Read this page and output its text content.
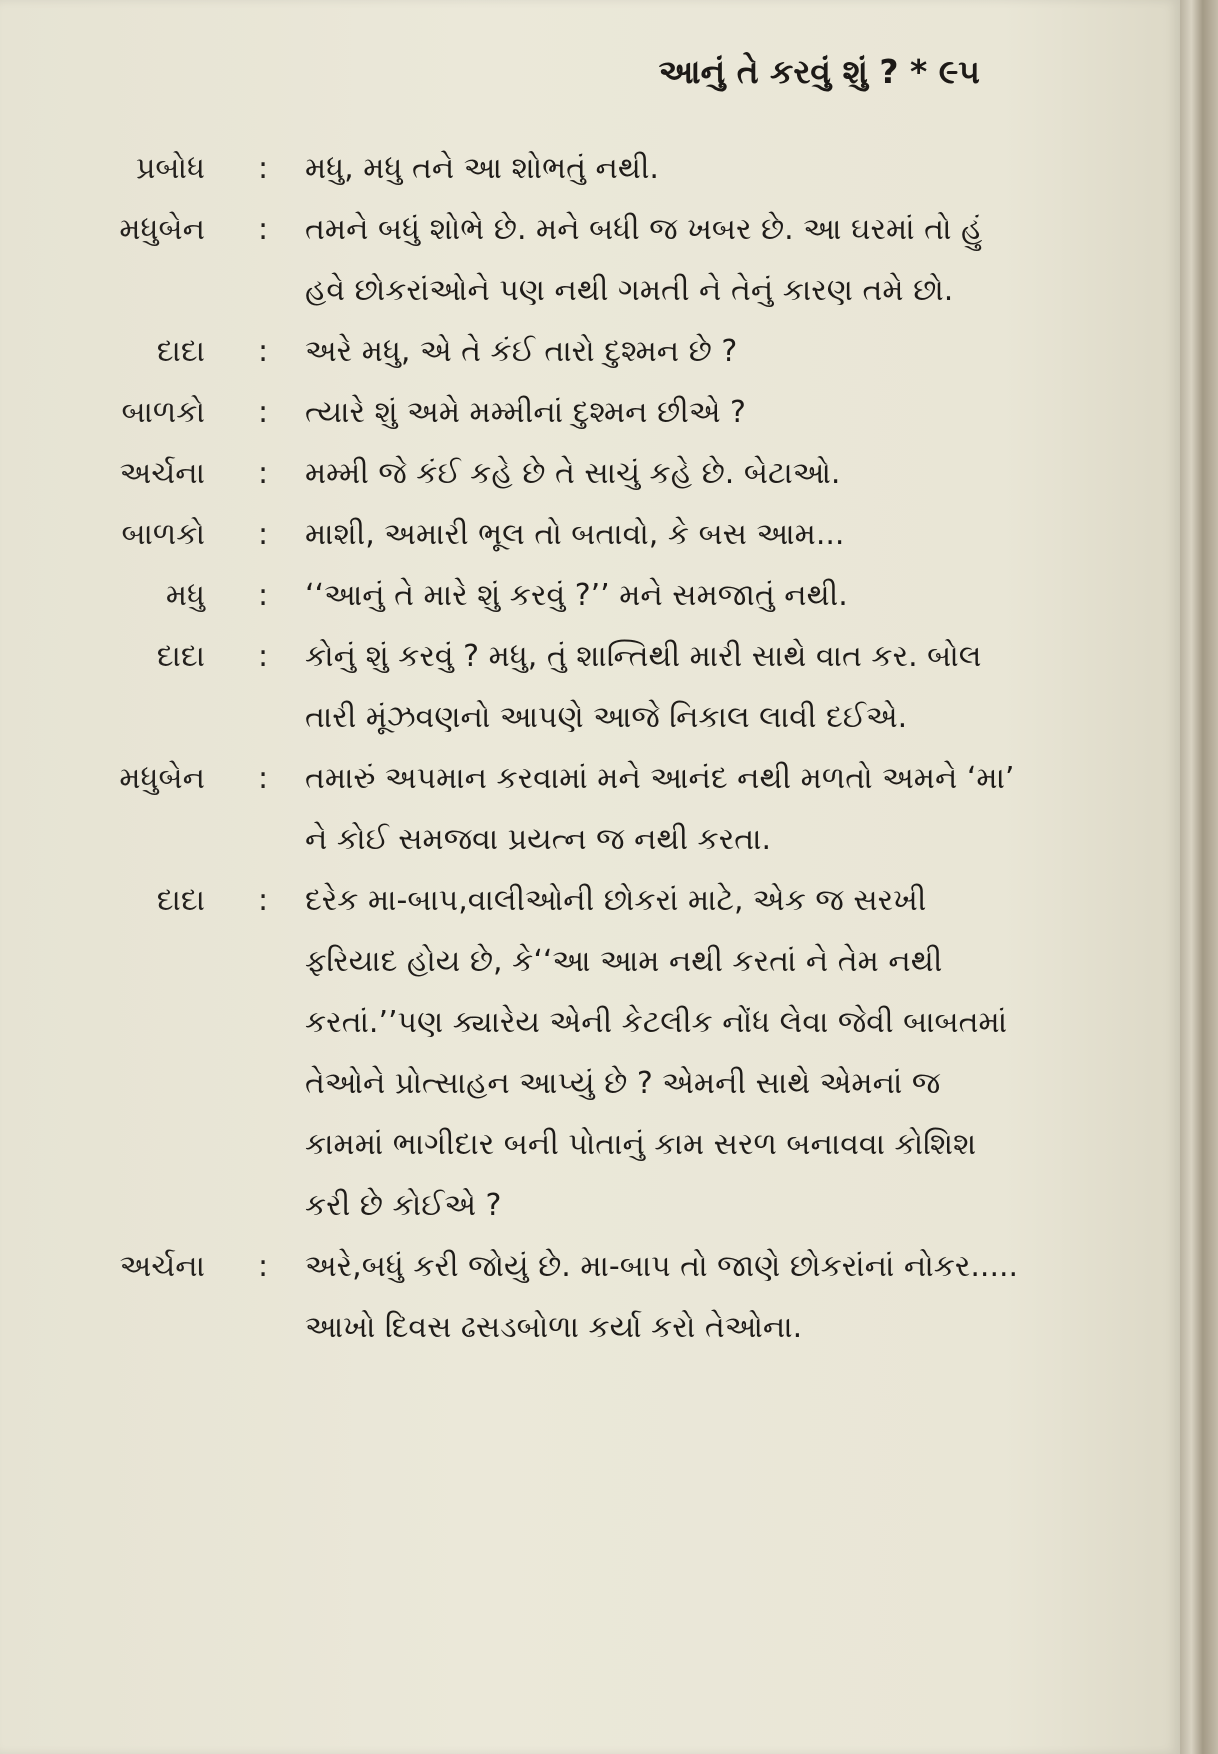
આનું તે કરવું શું ? * ૯૫
પ્રબોધ :	મધુ, મધુ તને આ શોભતું નથી.
મધુબેન :	તમને બધું શોભે છે. મને બધી જ ખબર છે. આ ઘરમાં તો હું હવે છોકરાંઓને પણ નથી ગમતી ને તેનું કારણ તમે છો.
દાદા :	અરે મધુ, એ તે કંઈ તારો દુશ્મન છે ?
બાળકો :	ત્યારે શું અમે મમ્મીનાં દુશ્મન છીએ ?
અર્ચના :	મમ્મી જે કંઈ કહે છે તે સાચું કહે છે. બેટાઓ.
બાળકો :	માશી, અમારી ભૂલ તો બતાવો, કે બસ આમ...
મધુ :	‘‘આનું તે મારે શું કરવું ?’’ મને સમજાતું નથી.
દાદા :	કોનું શું કરવું ? મધુ, તું શાન્તિથી મારી સાથે વાત કર. બોલ તારી મૂંઝવણનો આપણે આજે નિકાલ લાવી દઈએ.
મધુબેન :	તમારું અપમાન કરવામાં મને આનંદ નથી મળતો અમને ‘મા’ ને કોઈ સમજવા પ્રયત્ન જ નથી કરતા.
દાદા :	દરેક મા-બાપ,વાલીઓની છોકરાં માટે, એક જ સરખી ફરિયાદ હોય છે, કે‘‘આ આમ નથી કરતાં ને તેમ નથી કરતાં.’’પણ ક્યારેય એની કેટલીક નોંધ લેવા જેવી બાબતમાં તેઓને પ્રોત્સાહન આપ્યું છે ? એમની સાથે એમનાં જ કામમાં ભાગીદાર બની પોતાનું કામ સરળ બનાવવા કોશિશ કરી છે કોઈએ ?
અર્ચના :	અરે,બધું કરી જોયું છે. મા-બાપ તો જાણે છોકરાંનાં નોકર..... આખો દિવસ ઢસડબોળા કર્યા કરો તેઓના.
